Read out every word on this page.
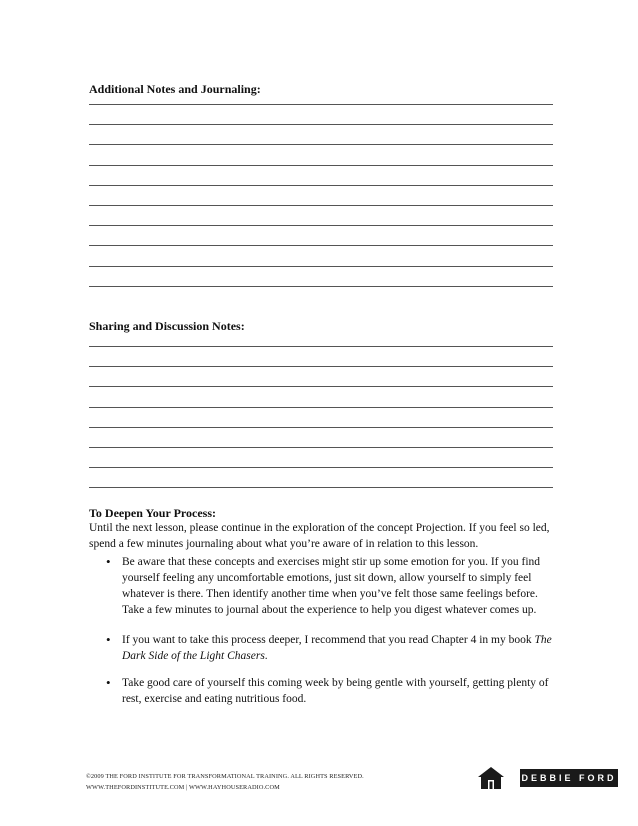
Additional Notes and Journaling:
Sharing and Discussion Notes:
To Deepen Your Process:
Until the next lesson, please continue in the exploration of the concept Projection. If you feel so led, spend a few minutes journaling about what you’re aware of in relation to this lesson.
• Be aware that these concepts and exercises might stir up some emotion for you. If you find yourself feeling any uncomfortable emotions, just sit down, allow yourself to simply feel whatever is there. Then identify another time when you’ve felt those same feelings before. Take a few minutes to journal about the experience to help you digest whatever comes up.
• If you want to take this process deeper, I recommend that you read Chapter 4 in my book The Dark Side of the Light Chasers.
• Take good care of yourself this coming week by being gentle with yourself, getting plenty of rest, exercise and eating nutritious food.
©2009 THE FORD INSTITUTE FOR TRANSFORMATIONAL TRAINING. ALL RIGHTS RESERVED.
WWW.THEFORDINSTITUTE.COM | WWW.HAYHOUSERADIO.COM
DEBBIE FORD
